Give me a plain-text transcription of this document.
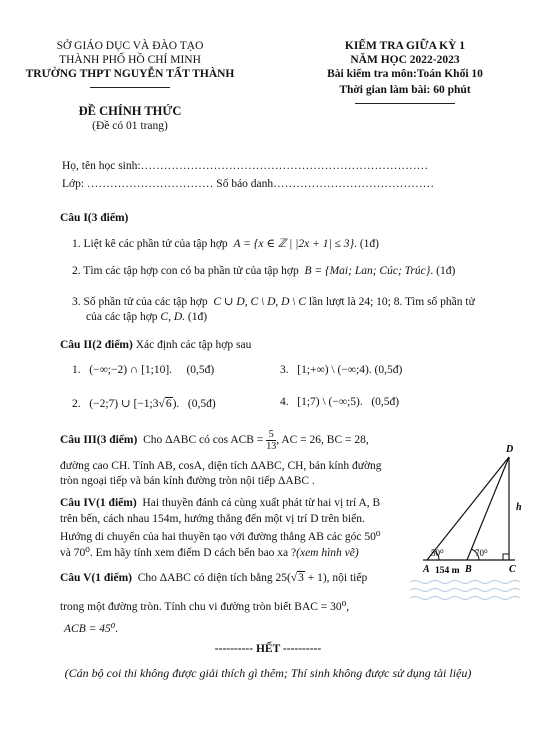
SỞ GIÁO DỤC VÀ ĐÀO TẠO
THÀNH PHỐ HỒ CHÍ MINH
TRƯỜNG THPT NGUYỄN TẤT THÀNH
ĐỀ CHÍNH THỨC
(Đề có 01 trang)
KIỂM TRA GIỮA KỲ 1
NĂM HỌC 2022-2023
Bài kiểm tra môn:Toán Khối 10
Thời gian làm bài: 60 phút
Họ, tên học sinh:…………………………………………………………………
Lớp: …………………………… Số báo danh……………………………………
Câu I(3 điểm)
1. Liệt kê các phần tử của tập hợp A = {x ∈ ℤ | |2x + 1| ≤ 3}. (1đ)
2. Tìm các tập hợp con có ba phần tử của tập hợp B = {Mai; Lan; Cúc; Trúc}. (1đ)
3. Số phần tử của các tập hợp C ∪ D, C \ D, D \ C lần lượt là 24; 10; 8. Tìm số phần tử
của các tập hợp C, D. (1đ)
Câu II(2 điểm) Xác định các tập hợp sau
1. (−∞;−2) ∩ [1;10]. (0,5đ)	3. [1;+∞) \ (−∞;4). (0,5đ)
2. (−2;7) ∪ [−1;3√6). (0,5đ)	4. [1;7) \ (−∞;5). (0,5đ)
Câu III(3 điểm) Cho ΔABC có cos ACB = $\frac{5}{13}$ , AC = 26, BC = 28,
đường cao CH. Tính AB, cosA, diện tích ΔABC, CH, bán kính đường
tròn ngoại tiếp và bán kính đường tròn nội tiếp ΔABC .
Câu IV(1 điểm) Hai thuyền đánh cá cùng xuất phát từ hai vị trí A, B
trên bến, cách nhau 154m, hướng thẳng đến một vị trí D trên biển.
Hướng di chuyển của hai thuyền tạo với đường thẳng AB các góc 50⁰
và 70⁰. Em hãy tính xem điểm D cách bến bao xa ?(xem hình vẽ)
Câu V(1 điểm) Cho ΔABC có diện tích bằng 25(√3 + 1), nội tiếp
trong một đường tròn. Tính chu vi đường tròn biết BAC = 30⁰,
ACB = 45⁰.
D
h
A	B	C
50⁰	70⁰
154 m
---------- HẾT ----------
(Cán bộ coi thi không được giải thích gì thêm; Thí sinh không được sử dụng tài liệu)
